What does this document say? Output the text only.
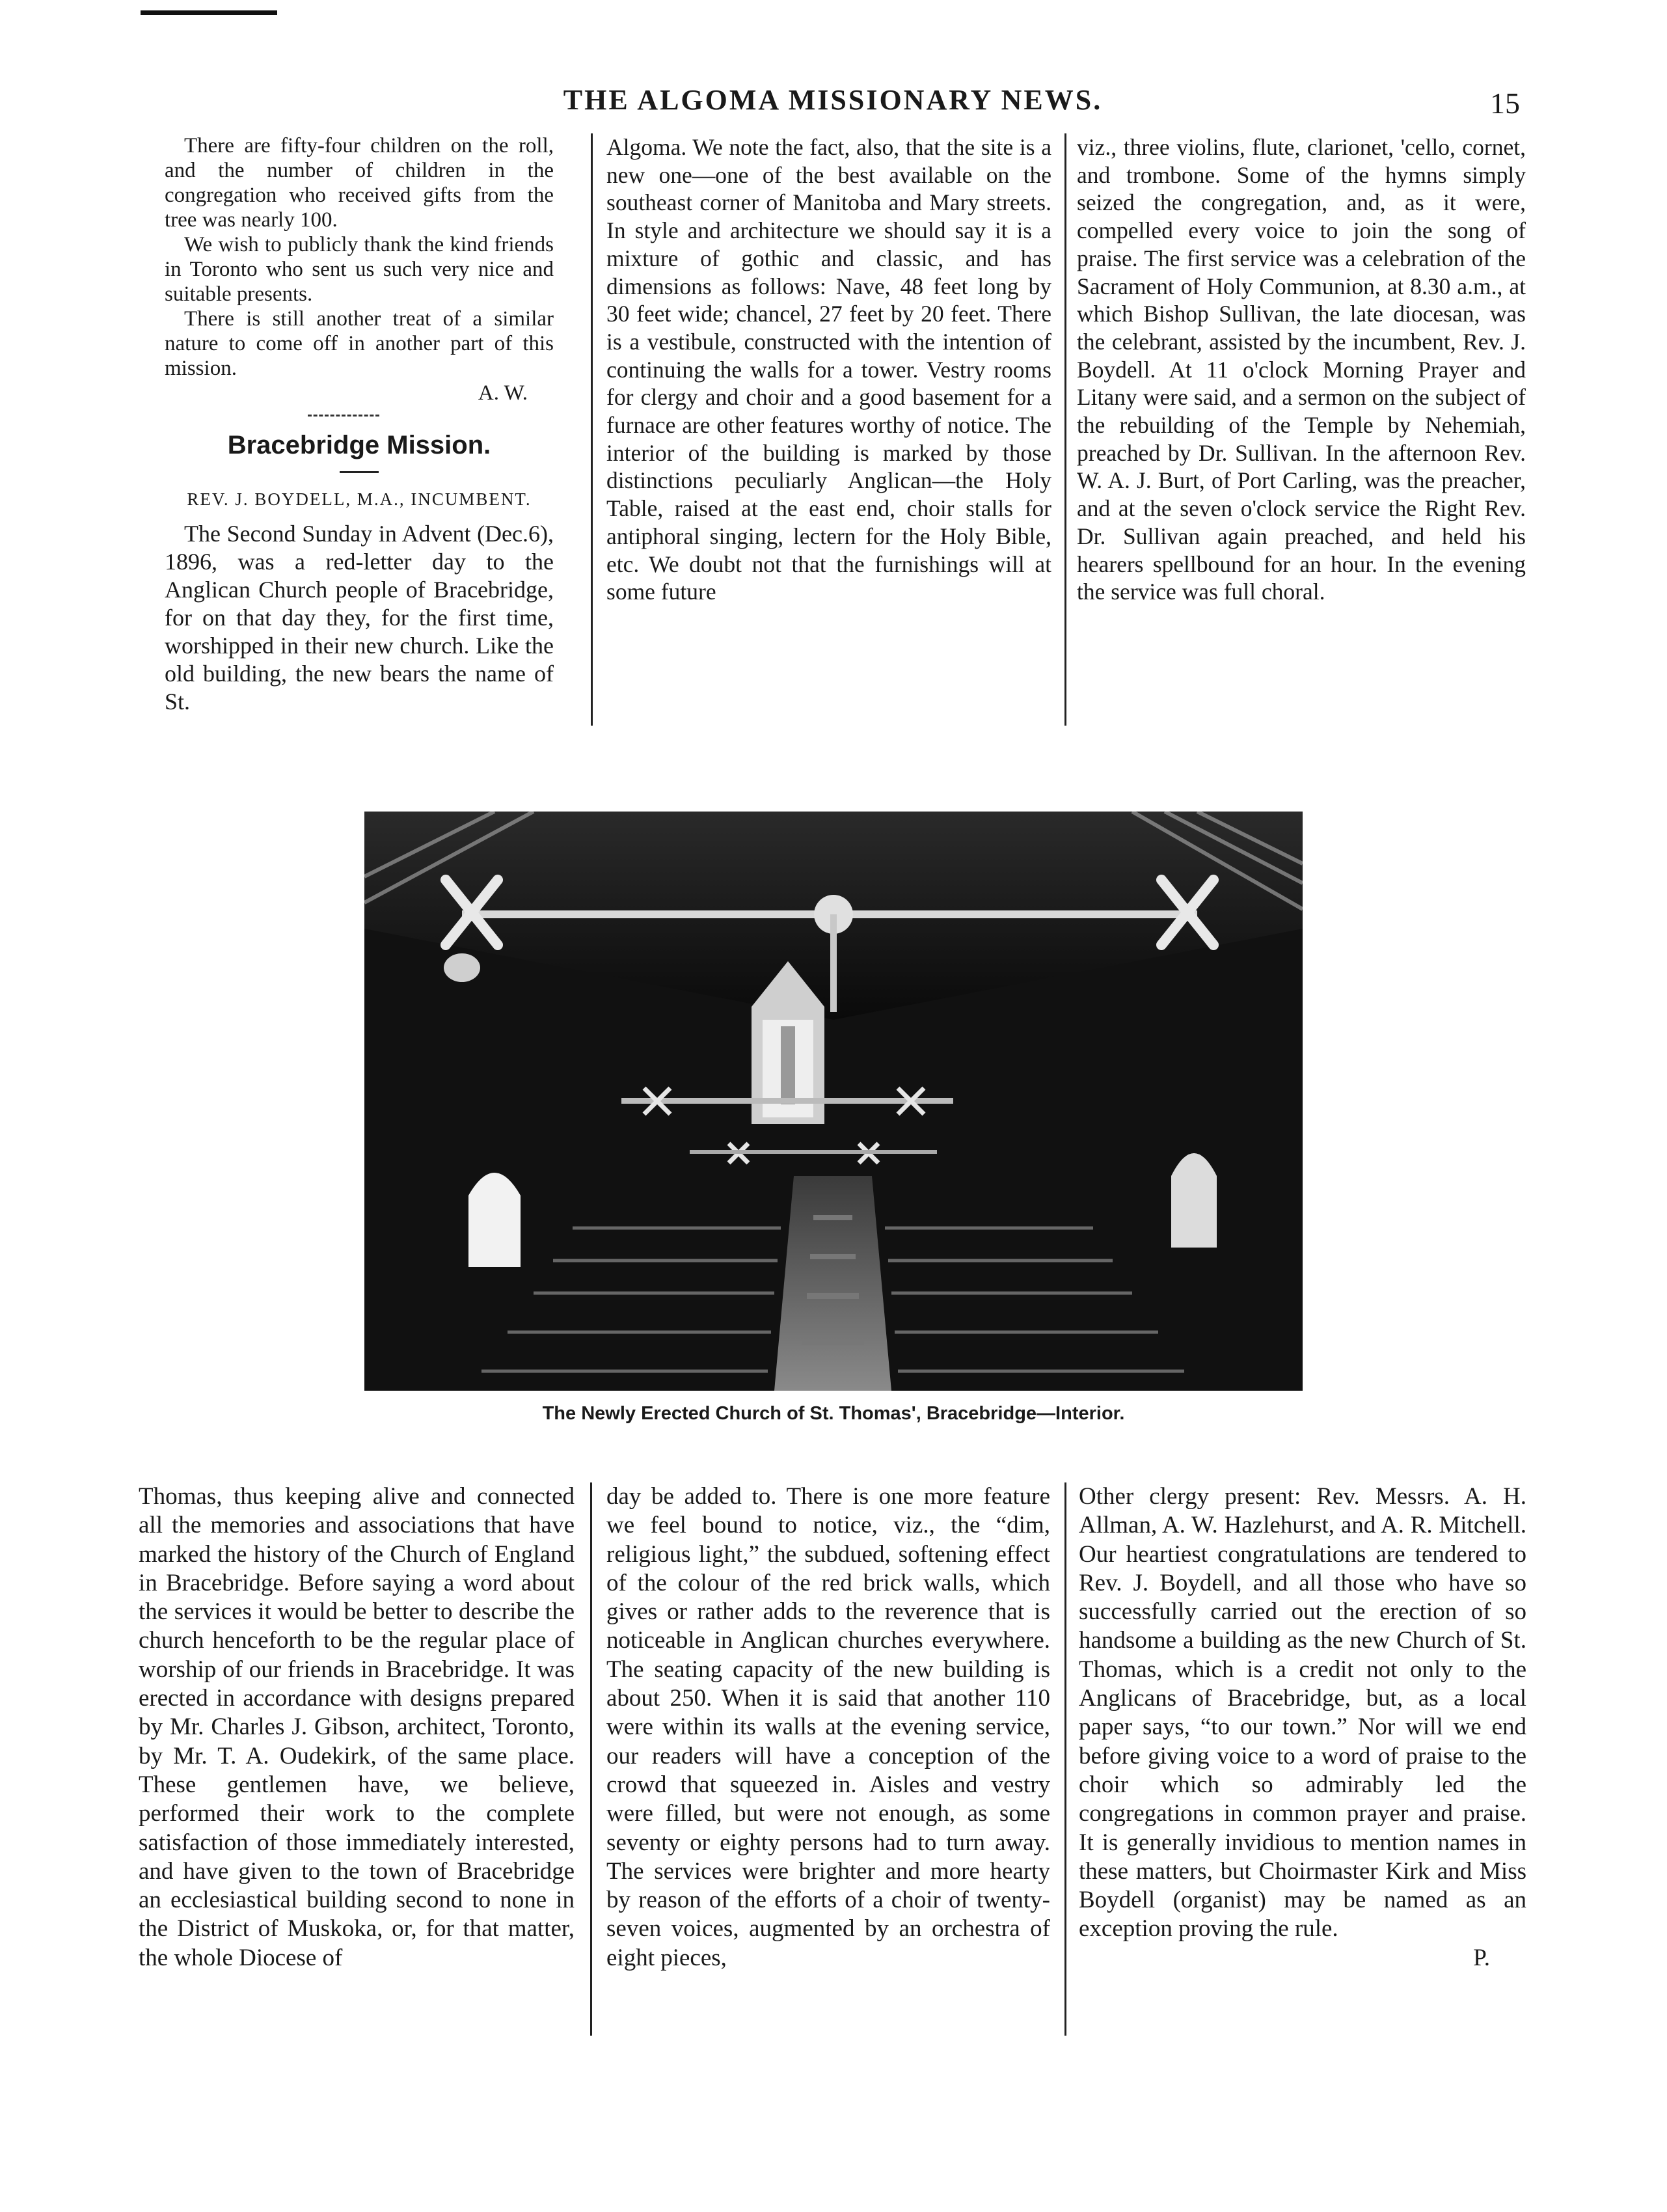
THE ALGOMA MISSIONARY NEWS.	15

There are fifty-four children on the roll, and the number of children in the congregation who received gifts from the tree was nearly 100.

We wish to publicly thank the kind friends in Toronto who sent us such very nice and suitable presents.

There is still another treat of a similar nature to come off in another part of this mission.

A. W.

Bracebridge Mission.
REV. J. BOYDELL, M.A., INCUMBENT.

The Second Sunday in Advent (Dec.6), 1896, was a red-letter day to the Anglican Church people of Bracebridge, for on that day they, for the first time, worshipped in their new church. Like the old building, the new bears the name of St.

Algoma. We note the fact, also, that the site is a new one—one of the best available on the southeast corner of Manitoba and Mary streets. In style and architecture we should say it is a mixture of gothic and classic, and has dimensions as follows: Nave, 48 feet long by 30 feet wide; chancel, 27 feet by 20 feet. There is a vestibule, constructed with the intention of continuing the walls for a tower. Vestry rooms for clergy and choir and a good basement for a furnace are other features worthy of notice. The interior of the building is marked by those distinctions peculiarly Anglican—the Holy Table, raised at the east end, choir stalls for antiphoral singing, lectern for the Holy Bible, etc. We doubt not that the furnishings will at some future

viz., three violins, flute, clarionet, 'cello, cornet, and trombone. Some of the hymns simply seized the congregation, and, as it were, compelled every voice to join the song of praise. The first service was a celebration of the Sacrament of Holy Communion, at 8.30 a.m., at which Bishop Sullivan, the late diocesan, was the celebrant, assisted by the incumbent, Rev. J. Boydell. At 11 o'clock Morning Prayer and Litany were said, and a sermon on the subject of the rebuilding of the Temple by Nehemiah, preached by Dr. Sullivan. In the afternoon Rev. W. A. J. Burt, of Port Carling, was the preacher, and at the seven o'clock service the Right Rev. Dr. Sullivan again preached, and held his hearers spellbound for an hour. In the evening the service was full choral.

The Newly Erected Church of St. Thomas', Bracebridge—Interior.

Thomas, thus keeping alive and connected all the memories and associations that have marked the history of the Church of England in Bracebridge. Before saying a word about the services it would be better to describe the church henceforth to be the regular place of worship of our friends in Bracebridge. It was erected in accordance with designs prepared by Mr. Charles J. Gibson, architect, Toronto, by Mr. T. A. Oudekirk, of the same place. These gentlemen have, we believe, performed their work to the complete satisfaction of those immediately interested, and have given to the town of Bracebridge an ecclesiastical building second to none in the District of Muskoka, or, for that matter, the whole Diocese of

day be added to. There is one more feature we feel bound to notice, viz., the “dim, religious light,” the subdued, softening effect of the colour of the red brick walls, which gives or rather adds to the reverence that is noticeable in Anglican churches everywhere. The seating capacity of the new building is about 250. When it is said that another 110 were within its walls at the evening service, our readers will have a conception of the crowd that squeezed in. Aisles and vestry were filled, but were not enough, as some seventy or eighty persons had to turn away. The services were brighter and more hearty by reason of the efforts of a choir of twenty-seven voices, augmented by an orchestra of eight pieces,

Other clergy present: Rev. Messrs. A. H. Allman, A. W. Hazlehurst, and A. R. Mitchell. Our heartiest congratulations are tendered to Rev. J. Boydell, and all those who have so successfully carried out the erection of so handsome a building as the new Church of St. Thomas, which is a credit not only to the Anglicans of Bracebridge, but, as a local paper says, “to our town.” Nor will we end before giving voice to a word of praise to the choir which so admirably led the congregations in common prayer and praise. It is generally invidious to mention names in these matters, but Choirmaster Kirk and Miss Boydell (organist) may be named as an exception proving the rule.

P.
